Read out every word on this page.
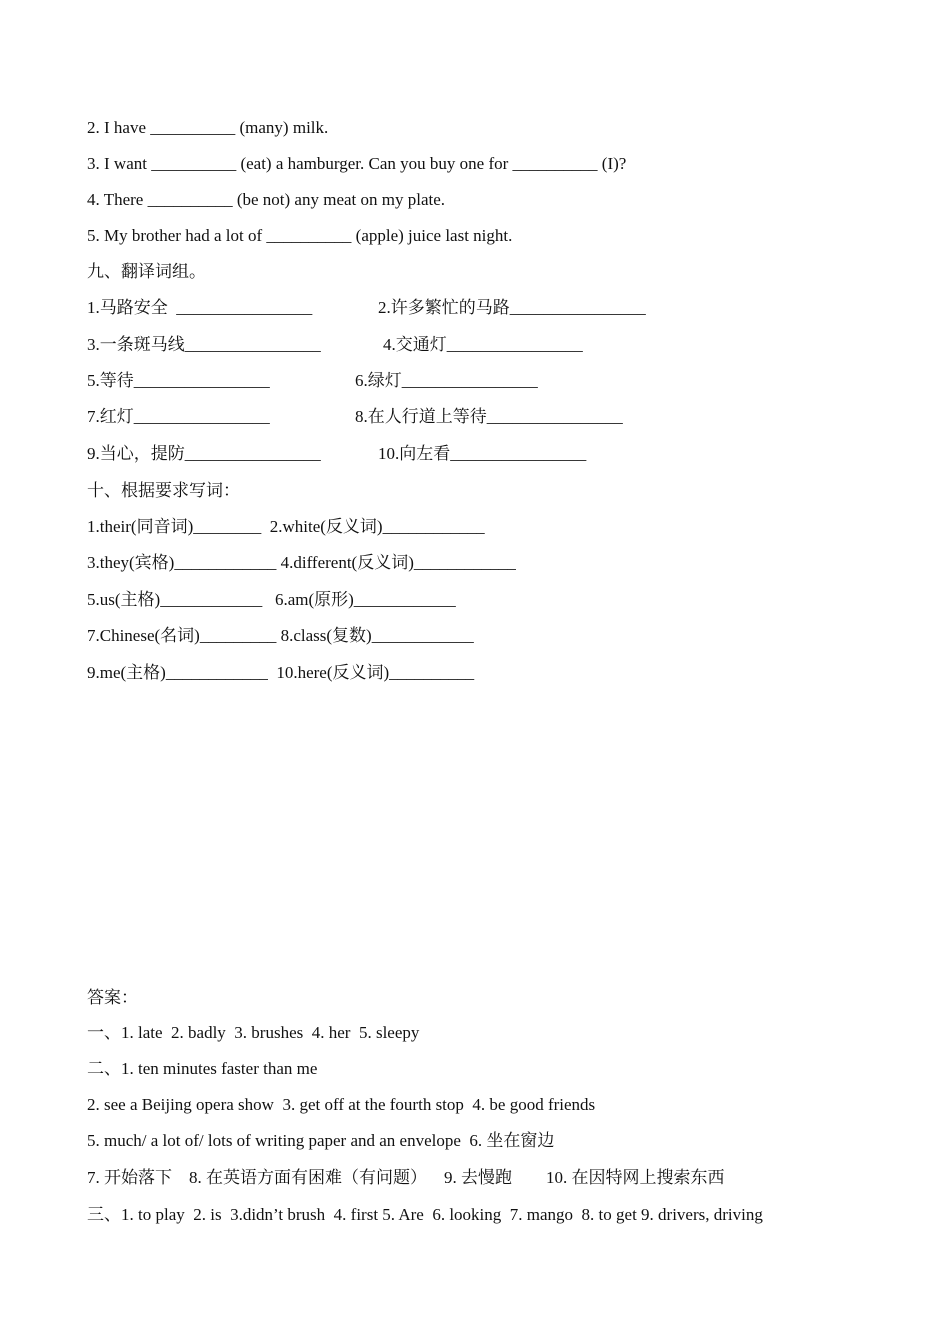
2. I have __________ (many) milk.
3. I want __________ (eat) a hamburger. Can you buy one for __________ (I)?
4. There __________ (be not) any meat on my plate.
5. My brother had a lot of __________ (apple) juice last night.
九、翻译词组。
1.马路安全  ________________	2.许多繁忙的马路________________
3.一条斑马线________________	4.交通灯________________
5.等待________________	6.绿灯________________
7.红灯________________	8.在人行道上等待________________
9.当心，提防________________	10.向左看________________
十、根据要求写词：
1.their(同音词)________  2.white(反义词)____________
3.they(宾格)____________ 4.different(反义词)____________
5.us(主格)____________   6.am(原形)____________
7.Chinese(名词)_________ 8.class(复数)____________
9.me(主格)____________  10.here(反义词)__________
答案：
一、1. late  2. badly  3. brushes  4. her  5. sleepy
二、1. ten minutes faster than me
2. see a Beijing opera show  3. get off at the fourth stop  4. be good friends
5. much/ a lot of/ lots of writing paper and an envelope  6. 坐在窗边
7. 开始落下    8. 在英语方面有困难（有问题）    9. 去慢跑        10. 在因特网上搜索东西
三、1. to play  2. is  3.didn’t brush  4. first 5. Are  6. looking  7. mango  8. to get 9. drivers, driving
